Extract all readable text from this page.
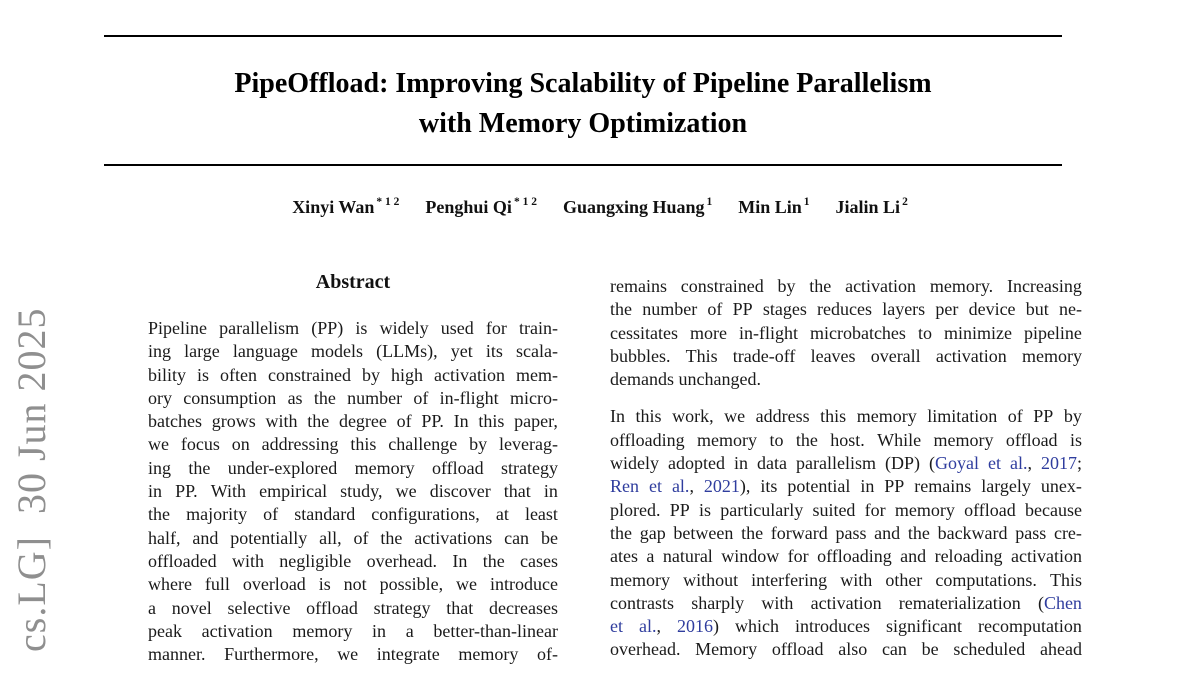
cs.LG]  30 Jun 2025
PipeOffload: Improving Scalability of Pipeline Parallelism
with Memory Optimization
Xinyi Wan $^{* 1 2}$ Penghui Qi $^{* 1 2}$ Guangxing Huang $^1$ Min Lin $^1$ Jialin Li $^2$
Abstract
Pipeline parallelism (PP) is widely used for train-
ing large language models (LLMs), yet its scala-
bility is often constrained by high activation mem-
ory consumption as the number of in-flight micro-
batches grows with the degree of PP. In this paper,
we focus on addressing this challenge by leverag-
ing the under-explored memory offload strategy
in PP. With empirical study, we discover that in
the majority of standard configurations, at least
half, and potentially all, of the activations can be
offloaded with negligible overhead. In the cases
where full overload is not possible, we introduce
a novel selective offload strategy that decreases
peak activation memory in a better-than-linear
manner. Furthermore, we integrate memory of-
remains constrained by the activation memory. Increasing
the number of PP stages reduces layers per device but ne-
cessitates more in-flight microbatches to minimize pipeline
bubbles. This trade-off leaves overall activation memory
demands unchanged.
In this work, we address this memory limitation of PP by
offloading memory to the host. While memory offload is
widely adopted in data parallelism (DP) (Goyal et al., 2017;
Ren et al., 2021), its potential in PP remains largely unex-
plored. PP is particularly suited for memory offload because
the gap between the forward pass and the backward pass cre-
ates a natural window for offloading and reloading activation
memory without interfering with other computations. This
contrasts sharply with activation rematerialization (Chen
et al., 2016) which introduces significant recomputation
overhead. Memory offload also can be scheduled ahead
